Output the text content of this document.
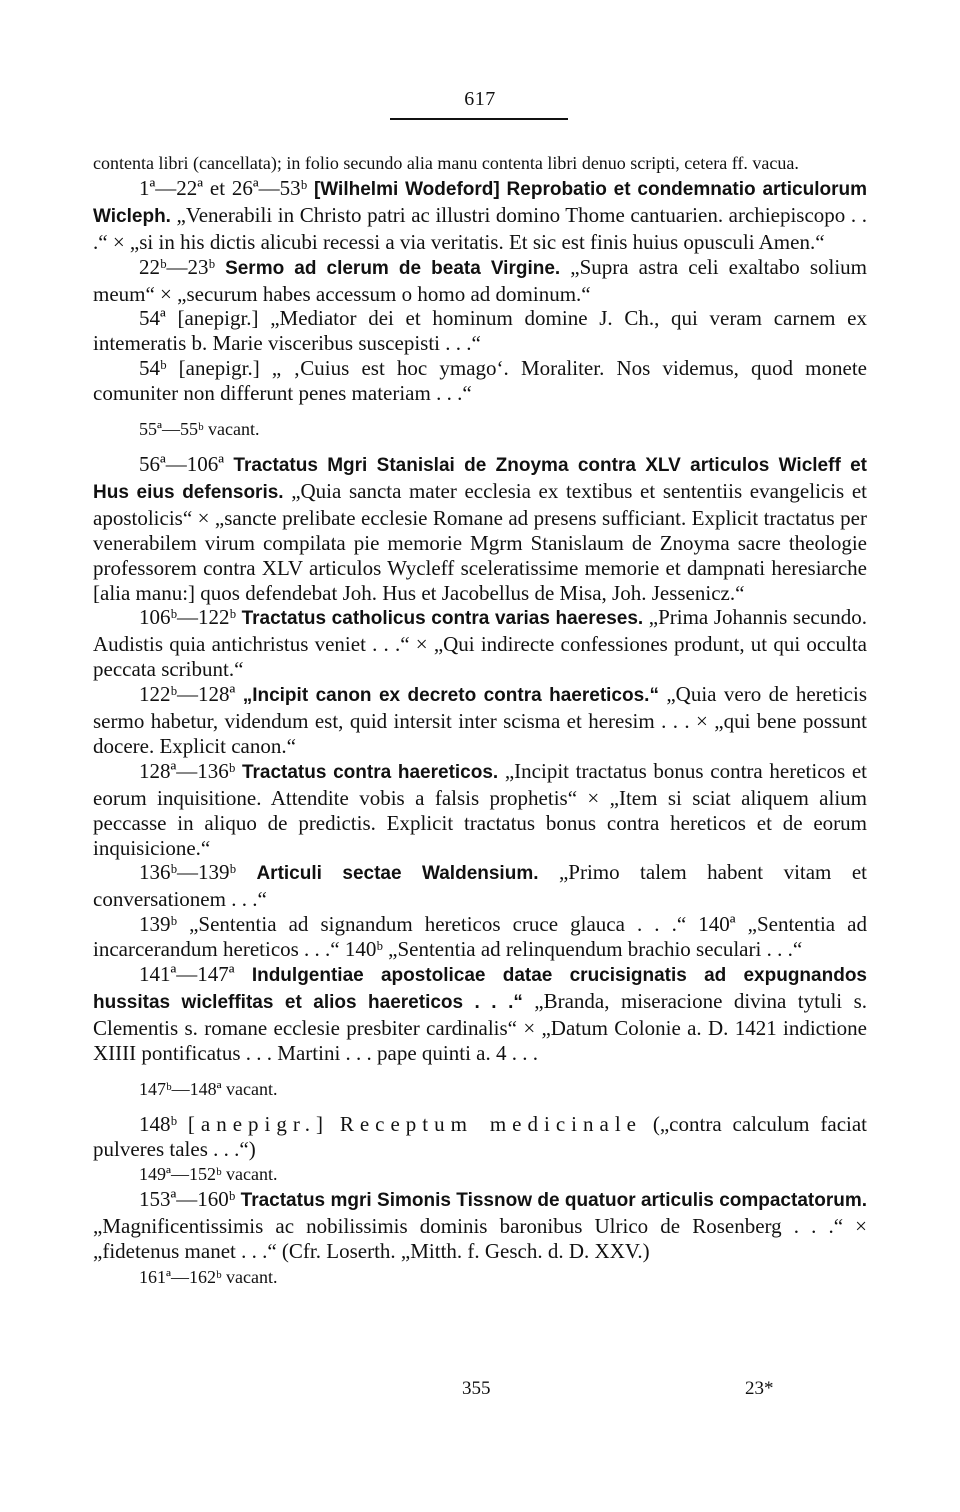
617

contenta libri (cancellata); in folio secundo alia manu contenta libri denuo scripti, cetera ff. vacua.

1ª—22ª et 26ª—53ᵇ [Wilhelmi Wodeford] Reprobatio et condemnatio articulorum Wicleph. „Venerabili in Christo patri ac illustri domino Thome cantuarien. archiepiscopo . . .“ × „si in his dictis alicubi recessi a via veritatis. Et sic est finis huius opusculi Amen.“

22ᵇ—23ᵇ Sermo ad clerum de beata Virgine. „Supra astra celi exaltabo solium meum“ × „securum habes accessum o homo ad dominum.“

54ª [anepigr.] „Mediator dei et hominum domine J. Ch., qui veram carnem ex intemeratis b. Marie visceribus suscepisti . . .“

54ᵇ [anepigr.] „ ‚Cuius est hoc ymago‘. Moraliter. Nos videmus, quod monete comuniter non differunt penes materiam . . .“

55ª—55ᵇ vacant.

56ª—106ª Tractatus Mgri Stanislai de Znoyma contra XLV articulos Wicleff et Hus eius defensoris. „Quia sancta mater ecclesia ex textibus et sententiis evangelicis et apostolicis“ × „sancte prelibate ecclesie Romane ad presens sufficiant. Explicit tractatus per venerabilem virum compilata pie memorie Mgrm Stanislaum de Znoyma sacre theologie professorem contra XLV articulos Wycleff sceleratissime memorie et dampnati heresiarche [alia manu:] quos defendebat Joh. Hus et Jacobellus de Misa, Joh. Jessenicz.“

106ᵇ—122ᵇ Tractatus catholicus contra varias haereses. „Prima Johannis secundo. Audistis quia antichristus veniet . . .“ × „Qui indirecte confessiones produnt, ut qui occulta peccata scribunt.“

122ᵇ—128ª „Incipit canon ex decreto contra haereticos.“ „Quia vero de hereticis sermo habetur, videndum est, quid intersit inter scisma et heresim . . . × „qui bene possunt docere. Explicit canon.“

128ª—136ᵇ Tractatus contra haereticos. „Incipit tractatus bonus contra hereticos et eorum inquisitione. Attendite vobis a falsis prophetis“ × „Item si sciat aliquem alium peccasse in aliquo de predictis. Explicit tractatus bonus contra hereticos et de eorum inquisicione.“

136ᵇ—139ᵇ Articuli sectae Waldensium. „Primo talem habent vitam et conversationem . . .“

139ᵇ „Sententia ad signandum hereticos cruce glauca . . .“ 140ª „Sententia ad incarcerandum hereticos . . .“ 140ᵇ „Sententia ad relinquendum brachio seculari . . .“

141ª—147ª Indulgentiae apostolicae datae crucisignatis ad expugnandos hussitas wicleffitas et alios haereticos . . .“ „Branda, miseracione divina tytuli s. Clementis s. romane ecclesie presbiter cardinalis“ × „Datum Colonie a. D. 1421 indictione XIIII pontificatus . . . Martini . . . pape quinti a. 4 . . .

147ᵇ—148ª vacant.

148ᵇ [anepigr.] Receptum medicinale („contra calculum faciat pulveres tales . . .“)

149ª—152ᵇ vacant.

153ª—160ᵇ Tractatus mgri Simonis Tissnow de quatuor articulis compactatorum. „Magnificentissimis ac nobilissimis dominis baronibus Ulrico de Rosenberg . . .“ × „fidetenus manet . . .“ (Cfr. Loserth. „Mitth. f. Gesch. d. D. XXV.)

161ª—162ᵇ vacant.

355	23*
